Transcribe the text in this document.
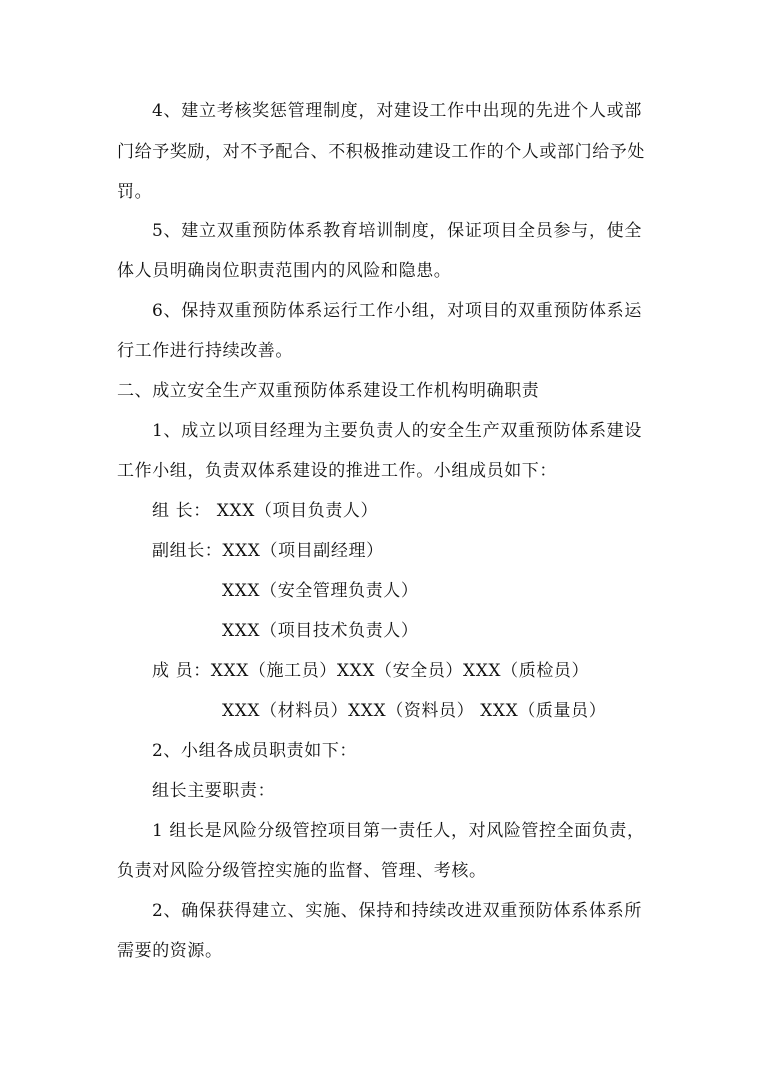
4、建立考核奖惩管理制度，对建设工作中出现的先进个人或部
门给予奖励，对不予配合、不积极推动建设工作的个人或部门给予处
罚。
5、建立双重预防体系教育培训制度，保证项目全员参与，使全
体人员明确岗位职责范围内的风险和隐患。
6、保持双重预防体系运行工作小组，对项目的双重预防体系运
行工作进行持续改善。
二、成立安全生产双重预防体系建设工作机构明确职责
1、成立以项目经理为主要负责人的安全生产双重预防体系建设
工作小组，负责双体系建设的推进工作。小组成员如下：
组 长： XXX（项目负责人）
副组长：XXX（项目副经理）
XXX（安全管理负责人）
XXX（项目技术负责人）
成 员：XXX（施工员）XXX（安全员）XXX（质检员）
XXX（材料员）XXX（资料员） XXX（质量员）
2、小组各成员职责如下：
组长主要职责：
1 组长是风险分级管控项目第一责任人，对风险管控全面负责，
负责对风险分级管控实施的监督、管理、考核。
2、确保获得建立、实施、保持和持续改进双重预防体系体系所
需要的资源。
